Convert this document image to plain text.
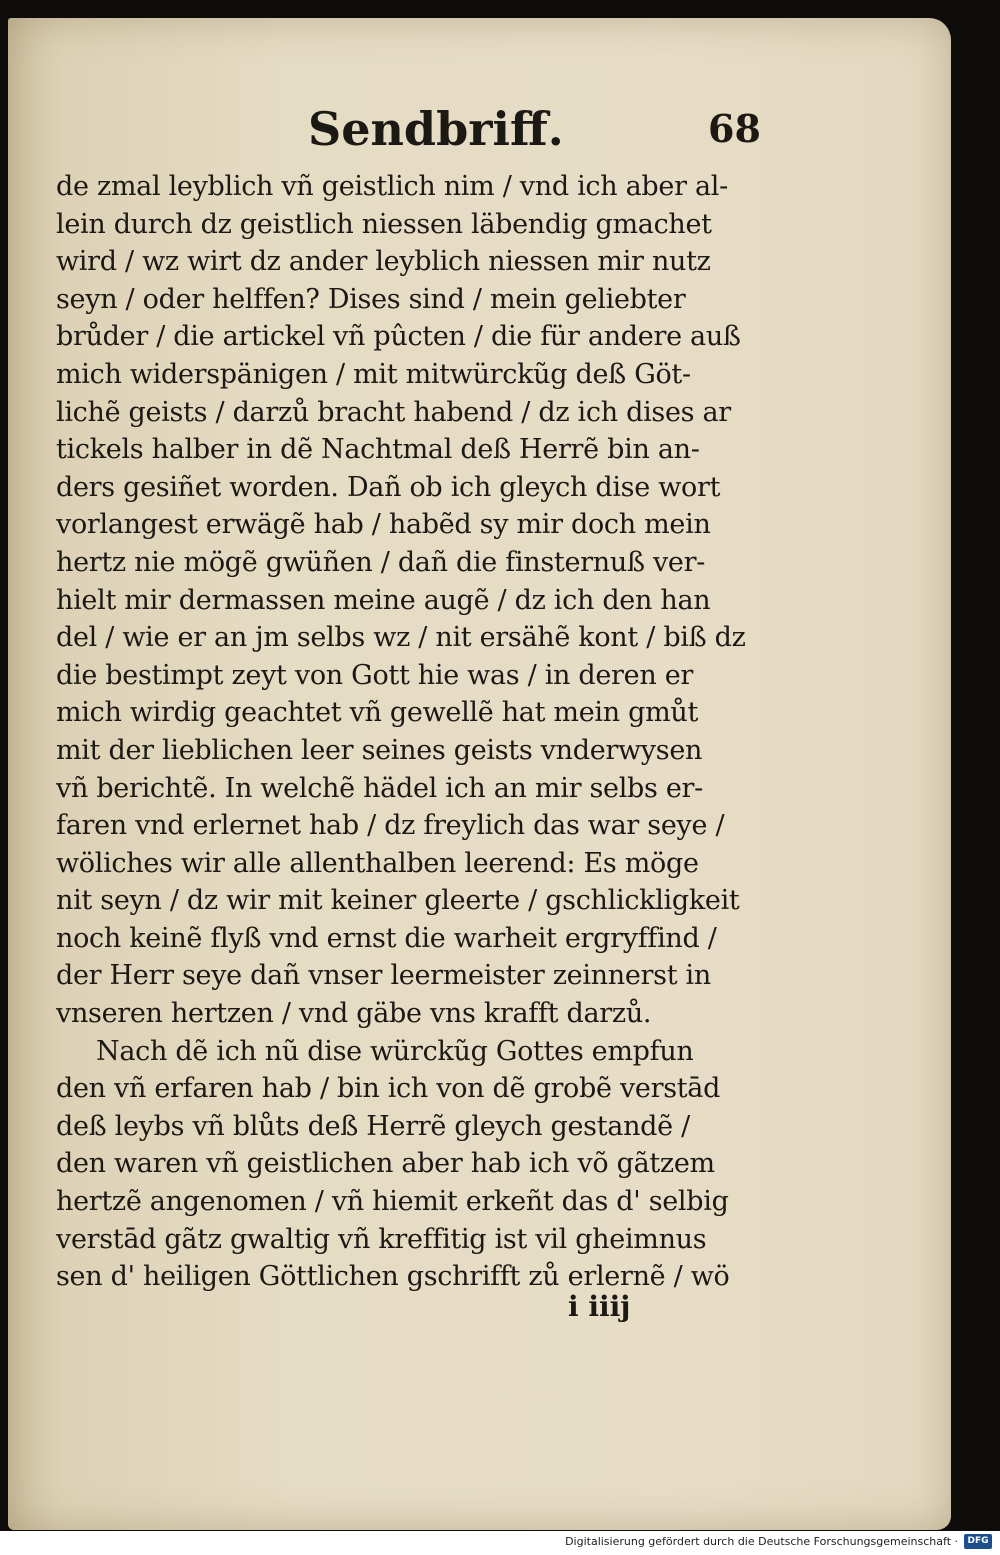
Sendbriff.	68
de zmal leyblich vñ geistlich nim / vnd ich aber al-
lein durch dz geistlich niessen läbendig gmachet
wird / wz wirt dz ander leyblich niessen mir nutz
seyn / oder helffen? Dises sind / mein geliebter
brůder / die artickel vñ pûcten / die für andere auß
mich widerspänigen / mit mitwürckũg deß Göt-
lichẽ geists / darzů bracht habend / dz ich dises ar
tickels halber in dẽ Nachtmal deß Herrẽ bin an-
ders gesiñet worden. Dañ ob ich gleych dise wort
vorlangest erwägẽ hab / habẽd sy mir doch mein
hertz nie mögẽ gwüñen / dañ die finsternuß ver-
hielt mir dermassen meine augẽ / dz ich den han
del / wie er an jm selbs wz / nit ersähẽ kont / biß dz
die bestimpt zeyt von Gott hie was / in deren er
mich wirdig geachtet vñ gewellẽ hat mein gmůt
mit der lieblichen leer seines geists vnderwysen
vñ berichtẽ. In welchẽ hädel ich an mir selbs er-
faren vnd erlernet hab / dz freylich das war seye /
wöliches wir alle allenthalben leerend: Es möge
nit seyn / dz wir mit keiner gleerte / gschlickligkeit
noch keinẽ flyß vnd ernst die warheit ergryffind /
der Herr seye dañ vnser leermeister zeinnerst in
vnseren hertzen / vnd gäbe vns krafft darzů.
Nach dẽ ich nũ dise würckũg Gottes empfun
den vñ erfaren hab / bin ich von dẽ grobẽ verstād
deß leybs vñ blůts deß Herrẽ gleych gestandẽ /
den waren vñ geistlichen aber hab ich võ gãtzem
hertzẽ angenomen / vñ hiemit erkeñt das d' selbig
verstād gãtz gwaltig vñ kreffitig ist vil gheimnus
sen d' heiligen Göttlichen gschrifft zů erlernẽ / wö
i iiij
Digitalisierung gefördert durch die Deutsche Forschungsgemeinschaft ·	DFG
